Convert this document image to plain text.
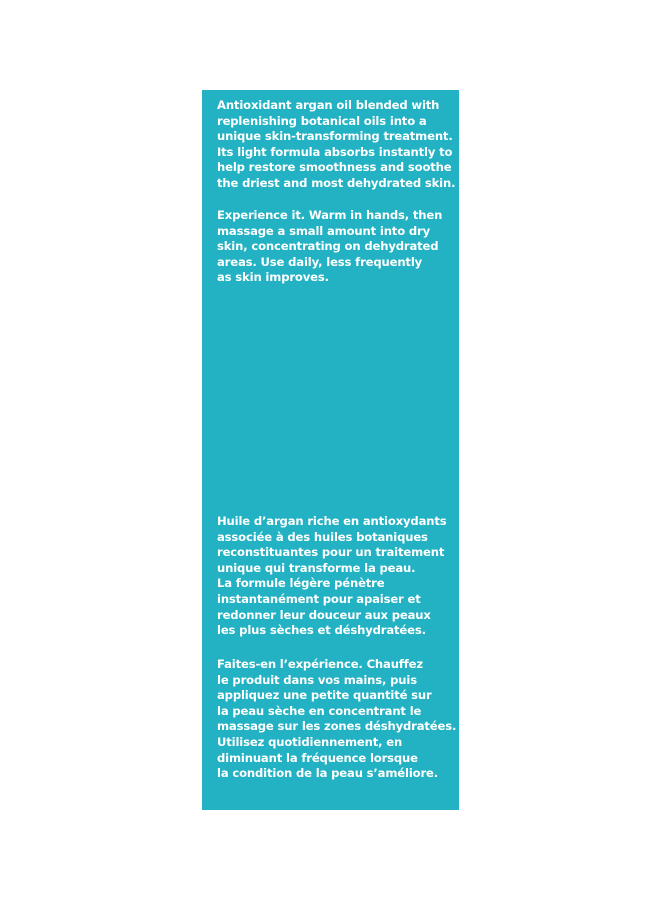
Antioxidant argan oil blended with
replenishing botanical oils into a
unique skin-transforming treatment.
Its light formula absorbs instantly to
help restore smoothness and soothe
the driest and most dehydrated skin.
Experience it. Warm in hands, then
massage a small amount into dry
skin, concentrating on dehydrated
areas. Use daily, less frequently
as skin improves.
Huile d’argan riche en antioxydants
associée à des huiles botaniques
reconstituantes pour un traitement
unique qui transforme la peau.
La formule légère pénètre
instantanément pour apaiser et
redonner leur douceur aux peaux
les plus sèches et déshydratées.
Faites-en l’expérience. Chauffez
le produit dans vos mains, puis
appliquez une petite quantité sur
la peau sèche en concentrant le
massage sur les zones déshydratées.
Utilisez quotidiennement, en
diminuant la fréquence lorsque
la condition de la peau s’améliore.
